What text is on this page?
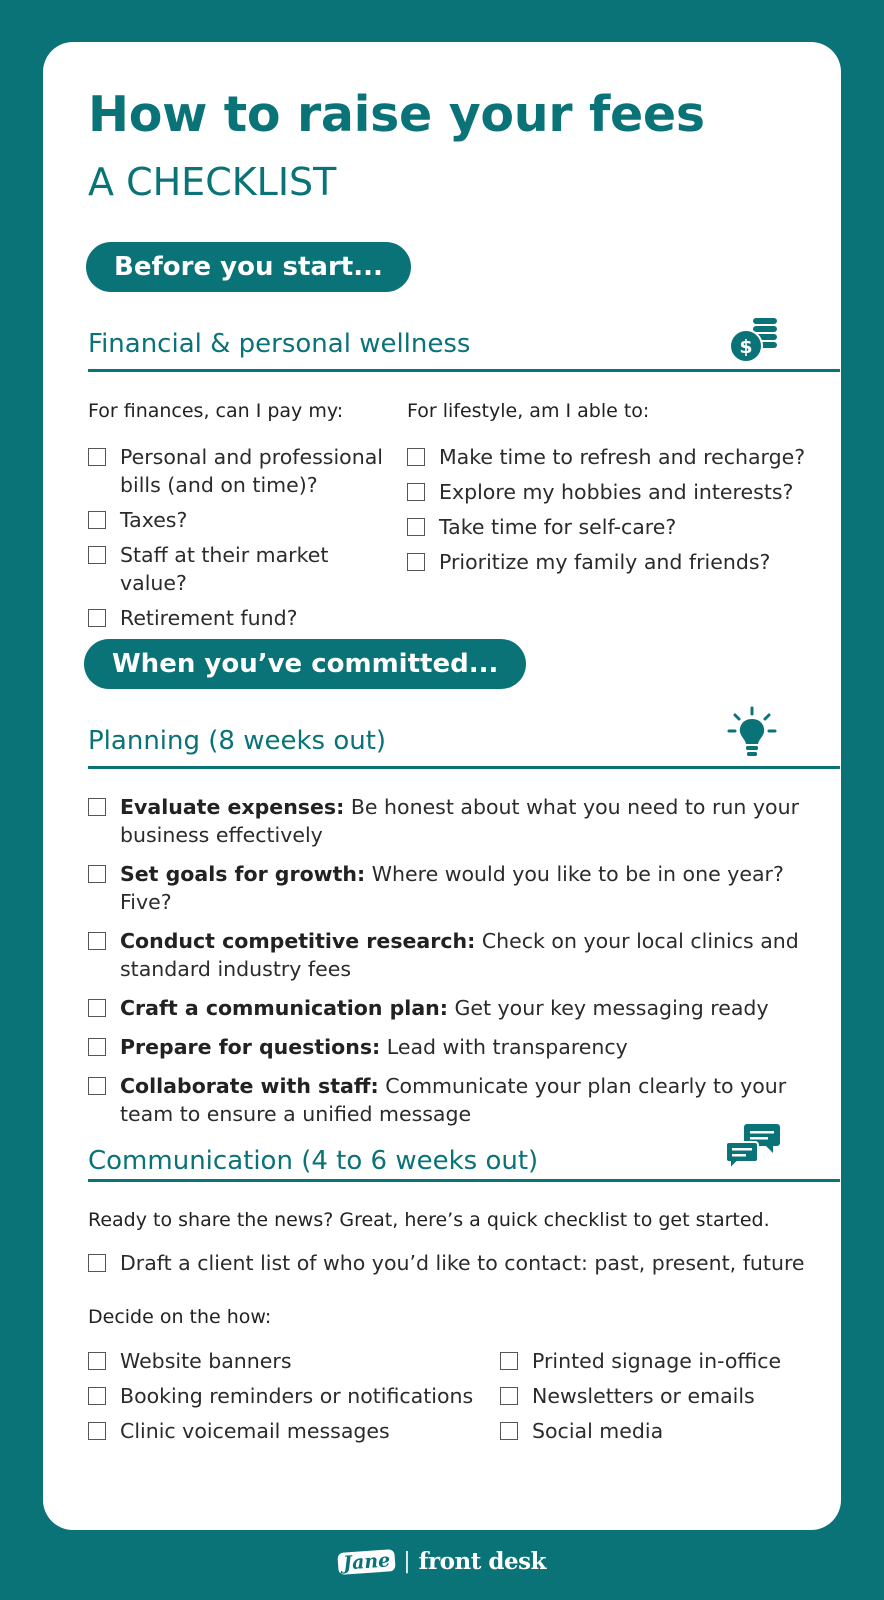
How to raise your fees
A CHECKLIST
Before you start...
Financial & personal wellness	$
For finances, can I pay my:	For lifestyle, am I able to:
Personal and professional bills (and on time)?
Taxes?
Staff at their market value?
Retirement fund?
Make time to refresh and recharge?
Explore my hobbies and interests?
Take time for self-care?
Prioritize my family and friends?
When you’ve committed...
Planning (8 weeks out)
Evaluate expenses: Be honest about what you need to run your business effectively
Set goals for growth: Where would you like to be in one year? Five?
Conduct competitive research: Check on your local clinics and standard industry fees
Craft a communication plan: Get your key messaging ready
Prepare for questions: Lead with transparency
Collaborate with staff: Communicate your plan clearly to your team to ensure a unified message
Communication (4 to 6 weeks out)
Ready to share the news? Great, here’s a quick checklist to get started.
Draft a client list of who you’d like to contact: past, present, future
Decide on the how:
Website banners
Booking reminders or notifications
Clinic voicemail messages
Printed signage in-office
Newsletters or emails
Social media
Jane | front desk
